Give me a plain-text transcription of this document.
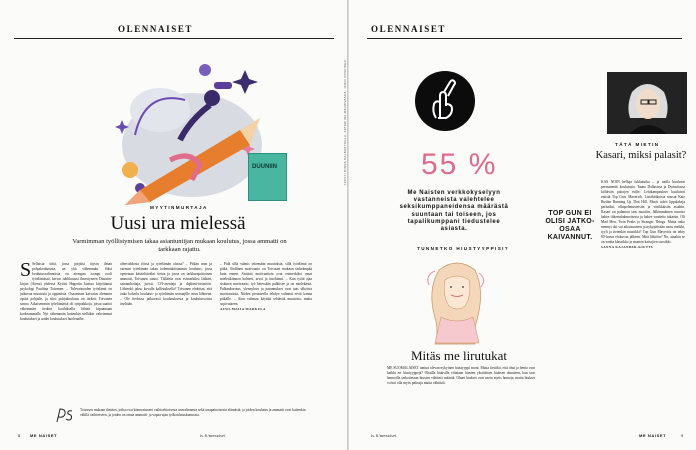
OLENNAISET
DUUNIIN
MYYTINMURTAJA
Uusi ura mielessä
Varmimman työllistymisen takaa asiantuntijan mukaan koulutus, jossa ammatti on tarkkaan rajattu.
S Sellaisia töitä, jossa pärjäisi täysin ilman pohjakoulutusta, on yhä vähemmän. Siksi koulutusvalinnoista on aiempaa isompi rooli työelämässä, kertoo tuhlikuuusi ilmestyneen Duuniin-kirjan (Atena) yhdessä Kyösti Hagertin kanssa kirjoittanut psykologi Pauliina Toivanen. – Tulevaisuuden työelämä on jatkuvaa muutosta ja oppimista. Osaamisen kasvatus alemmin optiot pohjalle, ja siksi pohjakoulutus on tärkeä, Toivanen sanoo. Aikaisemmin työelämässä oli työpaikkoja, joista saattoi vähemmän tiedoin kouluksella lähteä kipuamaan korkeammalle. Nyt vähemmän kuitenkin sielläkin vahvimmat koulutukset ja uudet koulutukset huolenaihe.

olenvahdosta töissä ja työelämän alussa? – Pitkän uran ja varman työelämän takaa todennäköisimmin koulutus, jossa opetetaan käsiteltäväksi tietoa ja jossa on tarkkarajoitteinen ammatti, Toivanen sanoo. Tällaisia ovat esimerkiksi lääkäri, sairaanhoitaja, juristi, LVI-asentaja ja diplomi-insinööri. Lähteekö jakso kovalla kallistuksella? Toivanen ehdottaa, että onko kokeilu koulutus- ja työelämän seuraajille avun lähteenä. – Ole tiedossa jatkuvasti koulutuksesta ja koulutusvoista itseltään.

– Pidä silla valmis tekemään muutoksia, sillä työelämä on pitkä. Siidlinen motivaatio on Toivasen mukaan tärkeämpää kuin ennen. Sisäistä motivaatiota ovat esimerkiksi omat mielenkiinnon kohteet, arvot ja intohimot. – Kun työtä ajaa sisäinen motivaatio, työ hetessään palkitsee ja on mielekästä. Palkankorotus, ylennykset ja parannukset ovat taas ulkoista motivaatiota. Niiden perusteella tehdyn valinnat eivät kanna pitkälle. – Aion valintaa käyttää tehtävää muutosta, mutta sopivuuteen.

AINO-MAIJA MARKULA

Toivasen mukaan ihmiset, jotka ovat kiinnostuneet vaihtoehtoisesta uravalinnasta sekä tasapainoisesta elämästä, ja joiden koulutus ja ammatti ovat kuitenkin välillä vaihteeseen, ja joiden on omaa ammatti- ja vapaa-ajan työkoulutuskunnosta.
8 ME NAISET	is.fi/menaiset
TEKSTI MINNA NALBANTOGLU, KATARIINA MALMIVAARA, JENNI KOSKINEN
OLENNAISET
55 %
Me Naisten verkkokyselyyn vastanneista valehtelee seksikumppaneidensa määrästä suuntaan tai toiseen, jos tapalikumppani tiedustelee asiasta.
TUNNETKO HIUSTYYPPISI?
Mitäs me lirutukat
ME SUOMALAISET tuntuu olevan nykyinen hiustyyppi moni. Mutta tiesitkö, että ohut ja hento ovat kaikki eri hiustyyppejä? Ohuilla hiuksilla viitataan hiusten yksittäisen hiuksen ohuuteen, kun taas hennoilla tarkoitetaan hiusten vähäistä määrää. Ohuet hiukset ovat usein myös hentoja, mutta hiukset voivat olla myös paksuja mutta vähäisiä.
TÄTÄ MIETIN
Kasari, miksi palasit?
TOP GUN EI OLISI JATKO-OSAA KAIVANNUT.

KAS NOIN helluja tukkatuika – ja tuolla kuuluvat permanentit koulutusta. Tauno Dallasissa ja Dynastiassa kiiltävän paitojen esille. Lettikampaukset kuuluivat entistä Top Gun: Maverick. Listahitikoista nousut Kate Bushin Running Up That Hill. Muoti tulvii lippalakeja parhaiksi, olkapehmusteisiin ja värikkäisiin asuihin. Kasari on palannut taas muotiin. Jälkimmäinen nuoriso hakee tiikerinhahmoisesta ja hakee vaatteita takaisin. Oli Mad Men, Twin Peaks ja Stranger Things. Mutta onko mennyt ohi vai aikuisuuteen ja nykypäivään tuotu meikki, tyyli ja tietenkin musiikki? Top Gun Maverick on tehty 80-luvun elokuvan jälkeen. Mitä lähtöön? No, ainakin se on vanha klassikko ja monien katsojien suosikki.

SANNA KAJANDER-KIUTTU

is.fi/menaiset	ME NAISET	9
